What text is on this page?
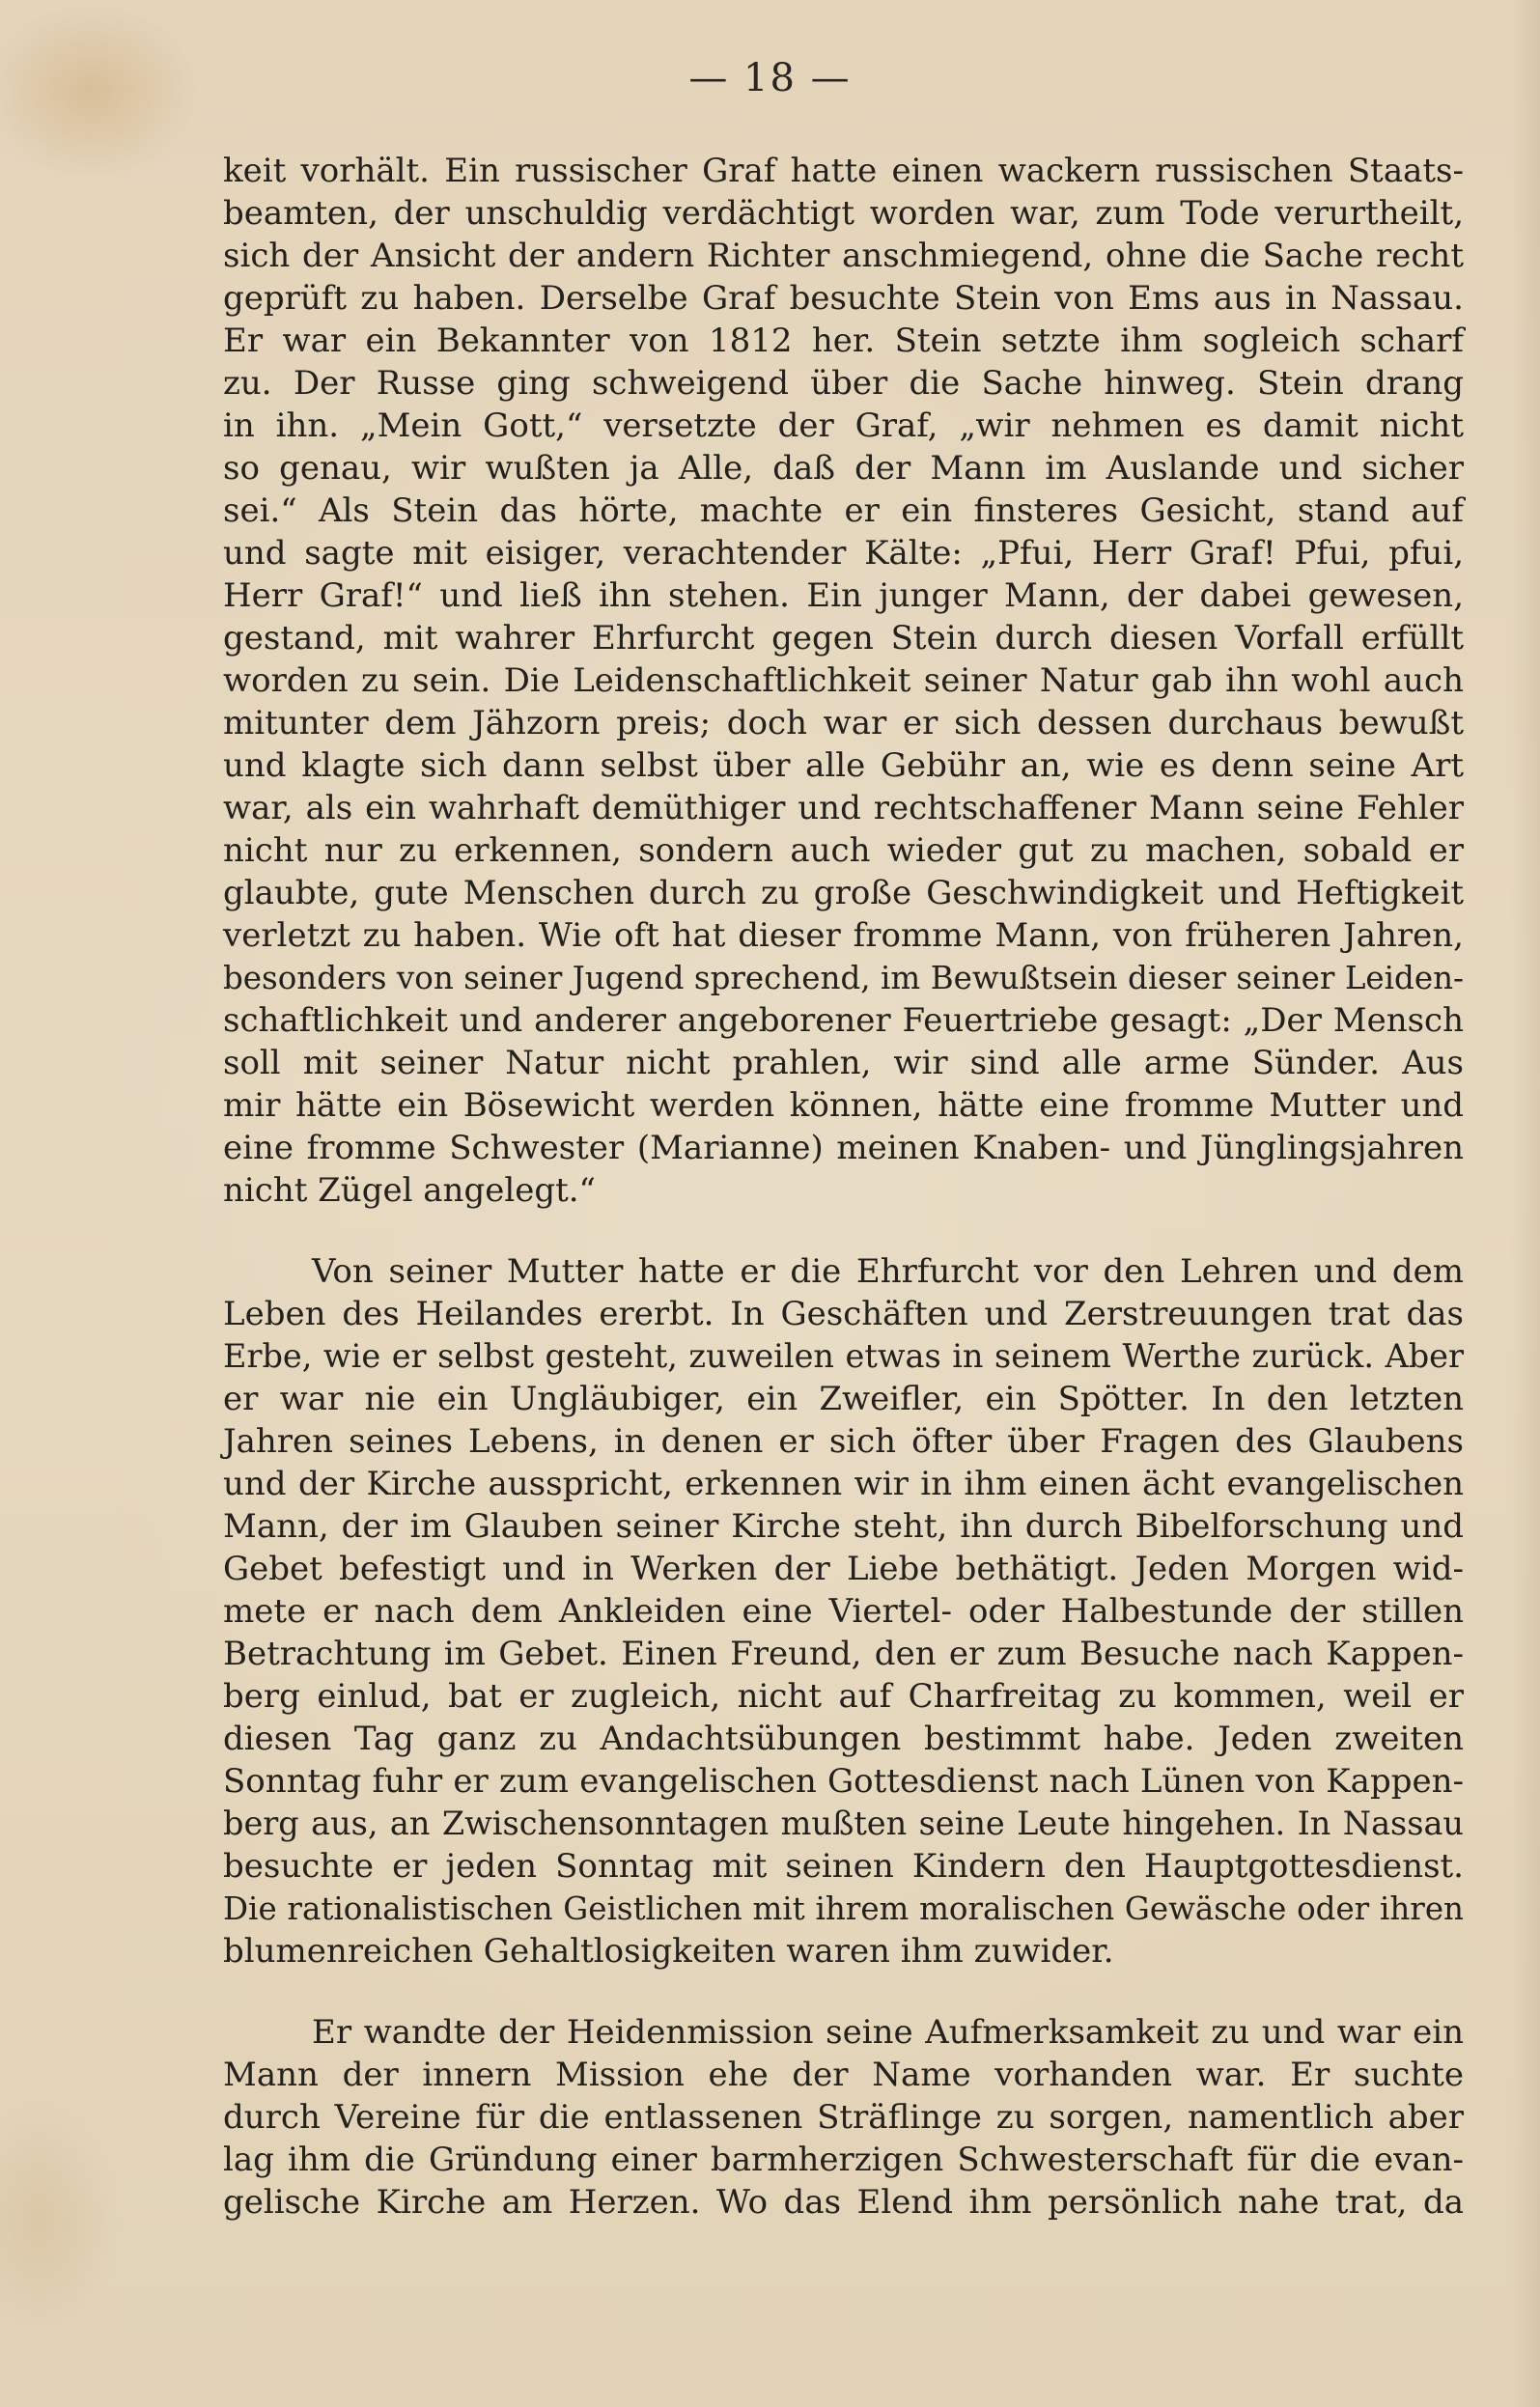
— 18 —
keit vorhält. Ein russischer Graf hatte einen wackern russischen Staats-
beamten, der unschuldig verdächtigt worden war, zum Tode verurtheilt,
sich der Ansicht der andern Richter anschmiegend, ohne die Sache recht
geprüft zu haben. Derselbe Graf besuchte Stein von Ems aus in Nassau.
Er war ein Bekannter von 1812 her. Stein setzte ihm sogleich scharf
zu. Der Russe ging schweigend über die Sache hinweg. Stein drang
in ihn. „Mein Gott,“ versetzte der Graf, „wir nehmen es damit nicht
so genau, wir wußten ja Alle, daß der Mann im Auslande und sicher
sei.“ Als Stein das hörte, machte er ein finsteres Gesicht, stand auf
und sagte mit eisiger, verachtender Kälte: „Pfui, Herr Graf! Pfui, pfui,
Herr Graf!“ und ließ ihn stehen. Ein junger Mann, der dabei gewesen,
gestand, mit wahrer Ehrfurcht gegen Stein durch diesen Vorfall erfüllt
worden zu sein. Die Leidenschaftlichkeit seiner Natur gab ihn wohl auch
mitunter dem Jähzorn preis; doch war er sich dessen durchaus bewußt
und klagte sich dann selbst über alle Gebühr an, wie es denn seine Art
war, als ein wahrhaft demüthiger und rechtschaffener Mann seine Fehler
nicht nur zu erkennen, sondern auch wieder gut zu machen, sobald er
glaubte, gute Menschen durch zu große Geschwindigkeit und Heftigkeit
verletzt zu haben. Wie oft hat dieser fromme Mann, von früheren Jahren,
besonders von seiner Jugend sprechend, im Bewußtsein dieser seiner Leiden-
schaftlichkeit und anderer angeborener Feuertriebe gesagt: „Der Mensch
soll mit seiner Natur nicht prahlen, wir sind alle arme Sünder. Aus
mir hätte ein Bösewicht werden können, hätte eine fromme Mutter und
eine fromme Schwester (Marianne) meinen Knaben- und Jünglingsjahren
nicht Zügel angelegt.“
Von seiner Mutter hatte er die Ehrfurcht vor den Lehren und dem
Leben des Heilandes ererbt. In Geschäften und Zerstreuungen trat das
Erbe, wie er selbst gesteht, zuweilen etwas in seinem Werthe zurück. Aber
er war nie ein Ungläubiger, ein Zweifler, ein Spötter. In den letzten
Jahren seines Lebens, in denen er sich öfter über Fragen des Glaubens
und der Kirche ausspricht, erkennen wir in ihm einen ächt evangelischen
Mann, der im Glauben seiner Kirche steht, ihn durch Bibelforschung und
Gebet befestigt und in Werken der Liebe bethätigt. Jeden Morgen wid-
mete er nach dem Ankleiden eine Viertel- oder Halbestunde der stillen
Betrachtung im Gebet. Einen Freund, den er zum Besuche nach Kappen-
berg einlud, bat er zugleich, nicht auf Charfreitag zu kommen, weil er
diesen Tag ganz zu Andachtsübungen bestimmt habe. Jeden zweiten
Sonntag fuhr er zum evangelischen Gottesdienst nach Lünen von Kappen-
berg aus, an Zwischensonntagen mußten seine Leute hingehen. In Nassau
besuchte er jeden Sonntag mit seinen Kindern den Hauptgottesdienst.
Die rationalistischen Geistlichen mit ihrem moralischen Gewäsche oder ihren
blumenreichen Gehaltlosigkeiten waren ihm zuwider.
Er wandte der Heidenmission seine Aufmerksamkeit zu und war ein
Mann der innern Mission ehe der Name vorhanden war. Er suchte
durch Vereine für die entlassenen Sträflinge zu sorgen, namentlich aber
lag ihm die Gründung einer barmherzigen Schwesterschaft für die evan-
gelische Kirche am Herzen. Wo das Elend ihm persönlich nahe trat, da
